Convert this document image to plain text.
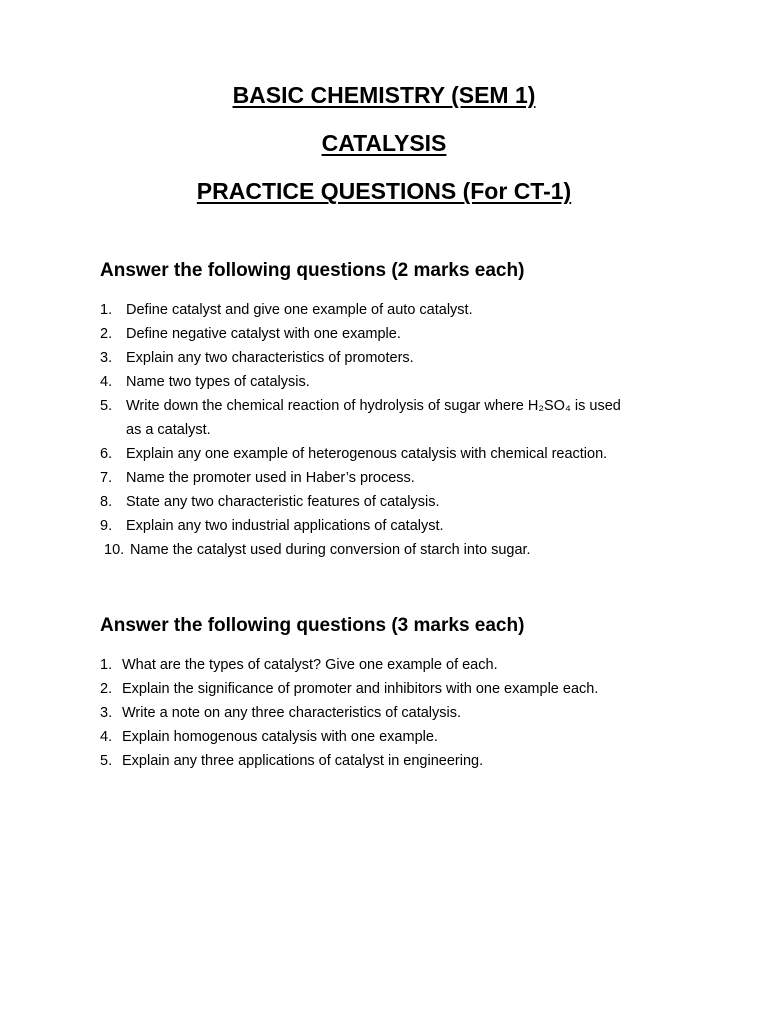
BASIC CHEMISTRY (SEM 1)
CATALYSIS
PRACTICE QUESTIONS (For CT-1)
Answer the following questions (2 marks each)
1. Define catalyst and give one example of auto catalyst.
2. Define negative catalyst with one example.
3. Explain any two characteristics of promoters.
4. Name two types of catalysis.
5. Write down the chemical reaction of hydrolysis of sugar where H₂SO₄ is used
as a catalyst.
6. Explain any one example of heterogenous catalysis with chemical reaction.
7. Name the promoter used in Haber’s process.
8. State any two characteristic features of catalysis.
9. Explain any two industrial applications of catalyst.
10. Name the catalyst used during conversion of starch into sugar.
Answer the following questions (3 marks each)
1. What are the types of catalyst? Give one example of each.
2. Explain the significance of promoter and inhibitors with one example each.
3. Write a note on any three characteristics of catalysis.
4. Explain homogenous catalysis with one example.
5. Explain any three applications of catalyst in engineering.
